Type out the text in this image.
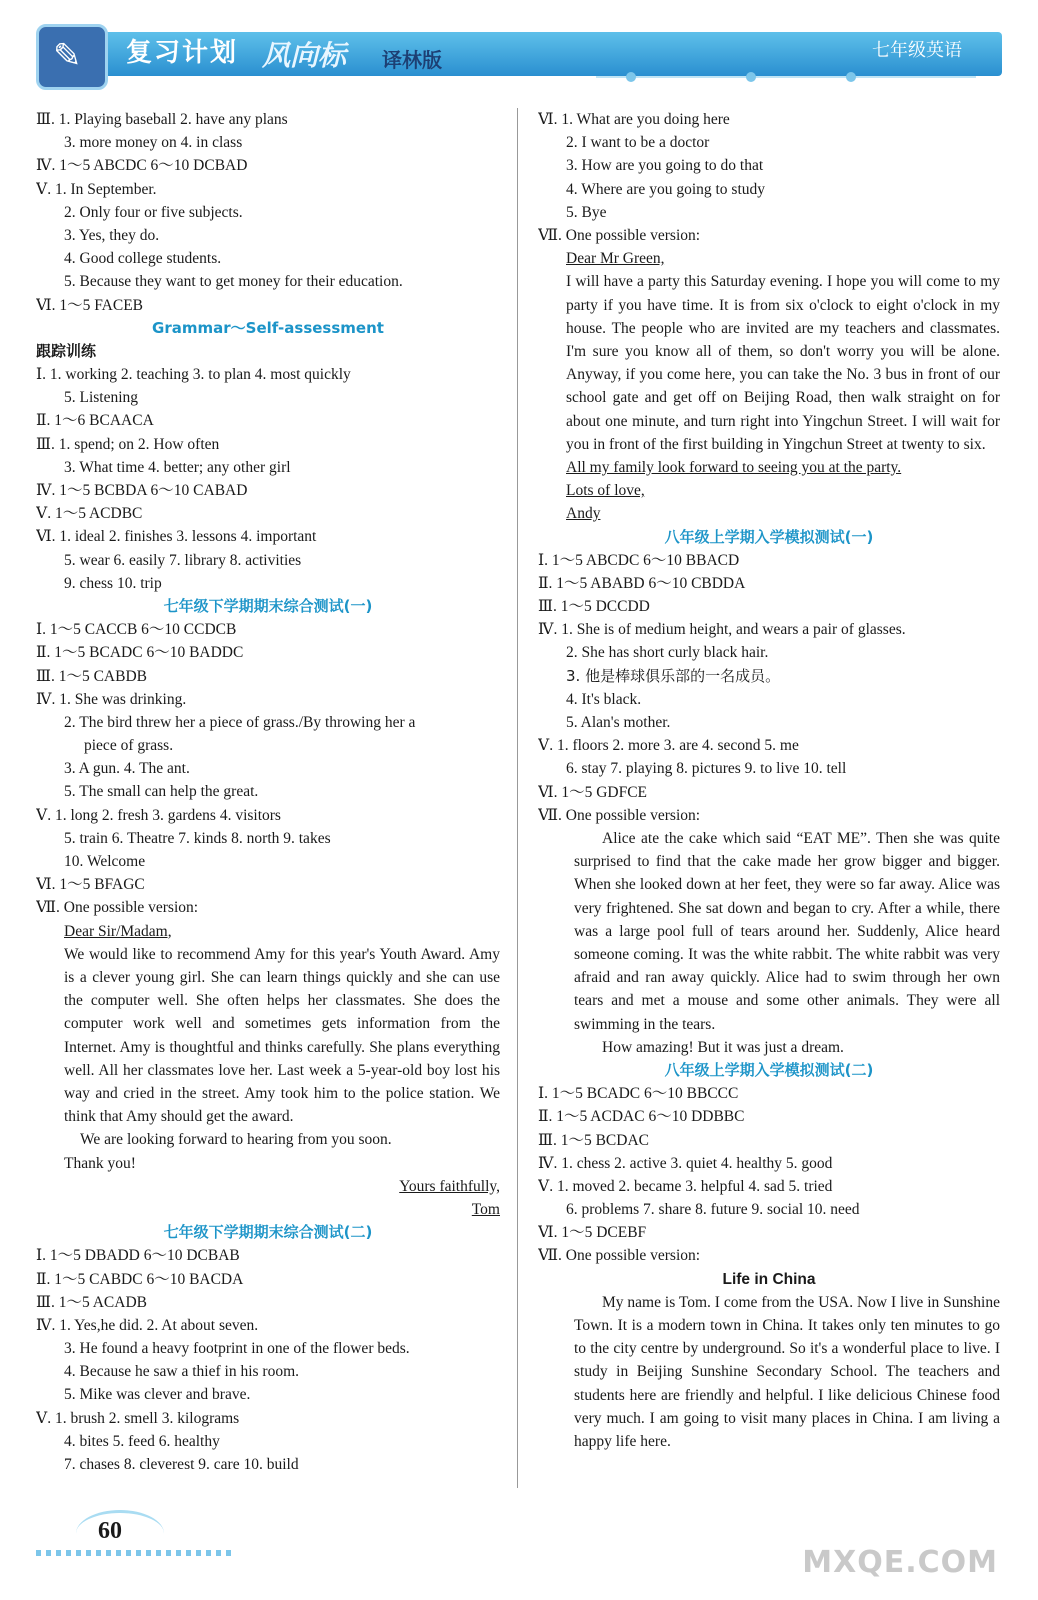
✎ 复习计划 风向标 译林版	七年级英语
Ⅲ. 1. Playing baseball 2. have any plans
3. more money on 4. in class
Ⅳ. 1～5 ABCDC 6～10 DCBAD
Ⅴ. 1. In September.
2. Only four or five subjects.
3. Yes, they do.
4. Good college students.
5. Because they want to get money for their education.
Ⅵ. 1～5 FACEB
Grammar～Self-assessment
跟踪训练
Ⅰ. 1. working 2. teaching 3. to plan 4. most quickly
5. Listening
Ⅱ. 1～6 BCAACA
Ⅲ. 1. spend; on 2. How often
3. What time 4. better; any other girl
Ⅳ. 1～5 BCBDA 6～10 CABAD
Ⅴ. 1～5 ACDBC
Ⅵ. 1. ideal 2. finishes 3. lessons 4. important
5. wear 6. easily 7. library 8. activities
9. chess 10. trip
七年级下学期期末综合测试(一)
Ⅰ. 1～5 CACCB 6～10 CCDCB
Ⅱ. 1～5 BCADC 6～10 BADDC
Ⅲ. 1～5 CABDB
Ⅳ. 1. She was drinking.
2. The bird threw her a piece of grass./By throwing her a
piece of grass.
3. A gun. 4. The ant.
5. The small can help the great.
Ⅴ. 1. long 2. fresh 3. gardens 4. visitors
5. train 6. Theatre 7. kinds 8. north 9. takes
10. Welcome
Ⅵ. 1～5 BFAGC
Ⅶ. One possible version:
Dear Sir/Madam,
We would like to recommend Amy for this year's Youth Award. Amy is a clever young girl. She can learn things quickly and she can use the computer well. She often helps her classmates. She does the computer work well and sometimes gets information from the Internet. Amy is thoughtful and thinks carefully. She plans everything well. All her classmates love her. Last week a 5-year-old boy lost his way and cried in the street. Amy took him to the police station. We think that Amy should get the award.
We are looking forward to hearing from you soon.
Thank you!
Yours faithfully,
Tom
七年级下学期期末综合测试(二)
Ⅰ. 1～5 DBADD 6～10 DCBAB
Ⅱ. 1～5 CABDC 6～10 BACDA
Ⅲ. 1～5 ACADB
Ⅳ. 1. Yes,he did. 2. At about seven.
3. He found a heavy footprint in one of the flower beds.
4. Because he saw a thief in his room.
5. Mike was clever and brave.
Ⅴ. 1. brush 2. smell 3. kilograms
4. bites 5. feed 6. healthy
7. chases 8. cleverest 9. care 10. build
Ⅵ. 1. What are you doing here
2. I want to be a doctor
3. How are you going to do that
4. Where are you going to study
5. Bye
Ⅶ. One possible version:
Dear Mr Green,
I will have a party this Saturday evening. I hope you will come to my party if you have time. It is from six o'clock to eight o'clock in my house. The people who are invited are my teachers and classmates. I'm sure you know all of them, so don't worry you will be alone. Anyway, if you come here, you can take the No. 3 bus in front of our school gate and get off on Beijing Road, then walk straight on for about one minute, and turn right into Yingchun Street. I will wait for you in front of the first building in Yingchun Street at twenty to six.
All my family look forward to seeing you at the party.
Lots of love,
Andy
八年级上学期入学模拟测试(一)
Ⅰ. 1～5 ABCDC 6～10 BBACD
Ⅱ. 1～5 ABABD 6～10 CBDDA
Ⅲ. 1～5 DCCDD
Ⅳ. 1. She is of medium height, and wears a pair of glasses.
2. She has short curly black hair.
3. 他是棒球俱乐部的一名成员。
4. It's black.
5. Alan's mother.
Ⅴ. 1. floors 2. more 3. are 4. second 5. me
6. stay 7. playing 8. pictures 9. to live 10. tell
Ⅵ. 1～5 GDFCE
Ⅶ. One possible version:
Alice ate the cake which said “EAT ME”. Then she was quite surprised to find that the cake made her grow bigger and bigger. When she looked down at her feet, they were so far away. Alice was very frightened. She sat down and began to cry. After a while, there was a large pool full of tears around her. Suddenly, Alice heard someone coming. It was the white rabbit. The white rabbit was very afraid and ran away quickly. Alice had to swim through her own tears and met a mouse and some other animals. They were all swimming in the tears.
How amazing! But it was just a dream.
八年级上学期入学模拟测试(二)
Ⅰ. 1～5 BCADC 6～10 BBCCC
Ⅱ. 1～5 ACDAC 6～10 DDBBC
Ⅲ. 1～5 BCDAC
Ⅳ. 1. chess 2. active 3. quiet 4. healthy 5. good
Ⅴ. 1. moved 2. became 3. helpful 4. sad 5. tried
6. problems 7. share 8. future 9. social 10. need
Ⅵ. 1～5 DCEBF
Ⅶ. One possible version:
Life in China
My name is Tom. I come from the USA. Now I live in Sunshine Town. It is a modern town in China. It takes only ten minutes to go to the city centre by underground. So it's a wonderful place to live. I study in Beijing Sunshine Secondary School. The teachers and students here are friendly and helpful. I like delicious Chinese food very much. I am going to visit many places in China. I am living a happy life here.
60
MXQE.COM
